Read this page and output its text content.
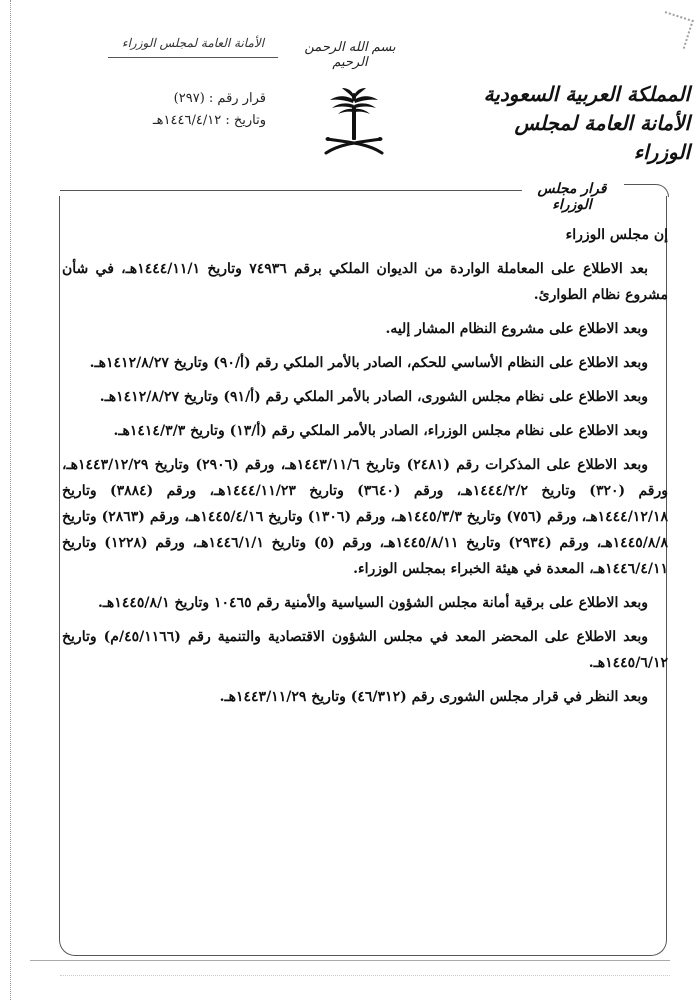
الأمانة العامة لمجلس الوزراء
قرار رقم : (٢٩٧)
وتاريخ : ١٤٤٦/٤/١٢هـ
بسم الله الرحمن الرحيم
المملكة العربية السعودية
الأمانة العامة لمجلس الوزراء
قرار مجلس الوزراء
إن مجلس الوزراء

بعد الاطلاع على المعاملة الواردة من الديوان الملكي برقم ٧٤٩٣٦ وتاريخ ١٤٤٤/١١/١هـ، في شأن مشروع نظام الطوارئ.

وبعد الاطلاع على مشروع النظام المشار إليه.

وبعد الاطلاع على النظام الأساسي للحكم، الصادر بالأمر الملكي رقم (أ/٩٠) وتاريخ ١٤١٢/٨/٢٧هـ.

وبعد الاطلاع على نظام مجلس الشورى، الصادر بالأمر الملكي رقم (أ/٩١) وتاريخ ١٤١٢/٨/٢٧هـ.

وبعد الاطلاع على نظام مجلس الوزراء، الصادر بالأمر الملكي رقم (أ/١٣) وتاريخ ١٤١٤/٣/٣هـ.

وبعد الاطلاع على المذكرات رقم (٢٤٨١) وتاريخ ١٤٤٣/١١/٦هـ، ورقم (٢٩٠٦) وتاريخ ١٤٤٣/١٢/٢٩هـ، ورقم (٣٢٠) وتاريخ ١٤٤٤/٢/٢هـ، ورقم (٣٦٤٠) وتاريخ ١٤٤٤/١١/٢٣هـ، ورقم (٣٨٨٤) وتاريخ ١٤٤٤/١٢/١٨هـ، ورقم (٧٥٦) وتاريخ ١٤٤٥/٣/٣هـ، ورقم (١٣٠٦) وتاريخ ١٤٤٥/٤/١٦هـ، ورقم (٢٨٦٣) وتاريخ ١٤٤٥/٨/٨هـ، ورقم (٢٩٣٤) وتاريخ ١٤٤٥/٨/١١هـ، ورقم (٥) وتاريخ ١٤٤٦/١/١هـ، ورقم (١٢٢٨) وتاريخ ١٤٤٦/٤/١١هـ، المعدة في هيئة الخبراء بمجلس الوزراء.

وبعد الاطلاع على برقية أمانة مجلس الشؤون السياسية والأمنية رقم ١٠٤٦٥ وتاريخ ١٤٤٥/٨/١هـ.

وبعد الاطلاع على المحضر المعد في مجلس الشؤون الاقتصادية والتنمية رقم (٤٥/١١٦٦/م) وتاريخ ١٤٤٥/٦/١٢هـ.

وبعد النظر في قرار مجلس الشورى رقم (٤٦/٣١٢) وتاريخ ١٤٤٣/١١/٢٩هـ.
